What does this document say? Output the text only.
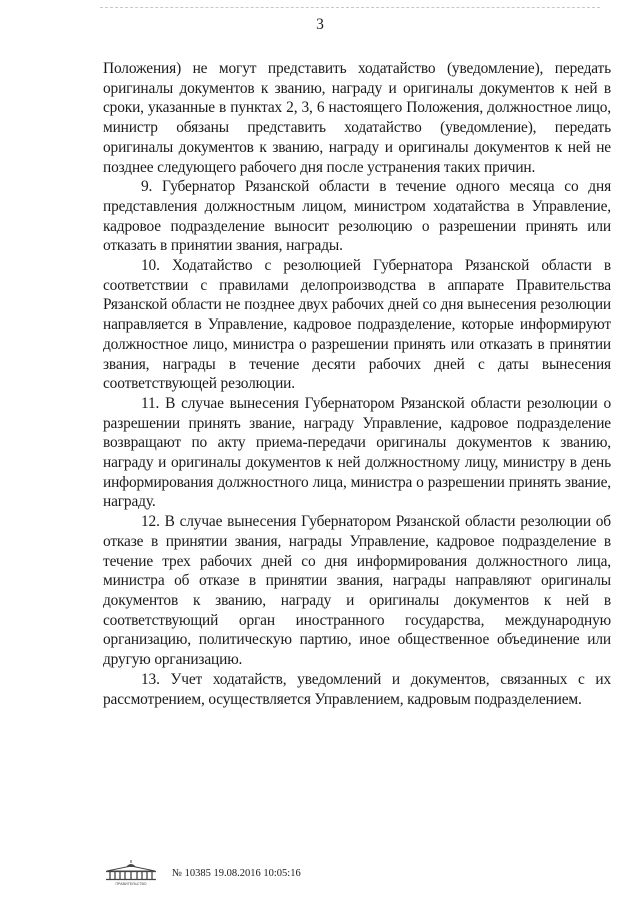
3

Положения) не могут представить ходатайство (уведомление), передать оригиналы документов к званию, награду и оригиналы документов к ней в сроки, указанные в пунктах 2, 3, 6 настоящего Положения, должностное лицо, министр обязаны представить ходатайство (уведомление), передать оригиналы документов к званию, награду и оригиналы документов к ней не позднее следующего рабочего дня после устранения таких причин.

9. Губернатор Рязанской области в течение одного месяца со дня представления должностным лицом, министром ходатайства в Управление, кадровое подразделение выносит резолюцию о разрешении принять или отказать в принятии звания, награды.

10. Ходатайство с резолюцией Губернатора Рязанской области в соответствии с правилами делопроизводства в аппарате Правительства Рязанской области не позднее двух рабочих дней со дня вынесения резолюции направляется в Управление, кадровое подразделение, которые информируют должностное лицо, министра о разрешении принять или отказать в принятии звания, награды в течение десяти рабочих дней с даты вынесения соответствующей резолюции.

11. В случае вынесения Губернатором Рязанской области резолюции о разрешении принять звание, награду Управление, кадровое подразделение возвращают по акту приема-передачи оригиналы документов к званию, награду и оригиналы документов к ней должностному лицу, министру в день информирования должностного лица, министра о разрешении принять звание, награду.

12. В случае вынесения Губернатором Рязанской области резолюции об отказе в принятии звания, награды Управление, кадровое подразделение в течение трех рабочих дней со дня информирования должностного лица, министра об отказе в принятии звания, награды направляют оригиналы документов к званию, награду и оригиналы документов к ней в соответствующий орган иностранного государства, международную организацию, политическую партию, иное общественное объединение или другую организацию.

13. Учет ходатайств, уведомлений и документов, связанных с их рассмотрением, осуществляется Управлением, кадровым подразделением.

ПРАВИТЕЛЬСТВО
№ 10385 19.08.2016 10:05:16
